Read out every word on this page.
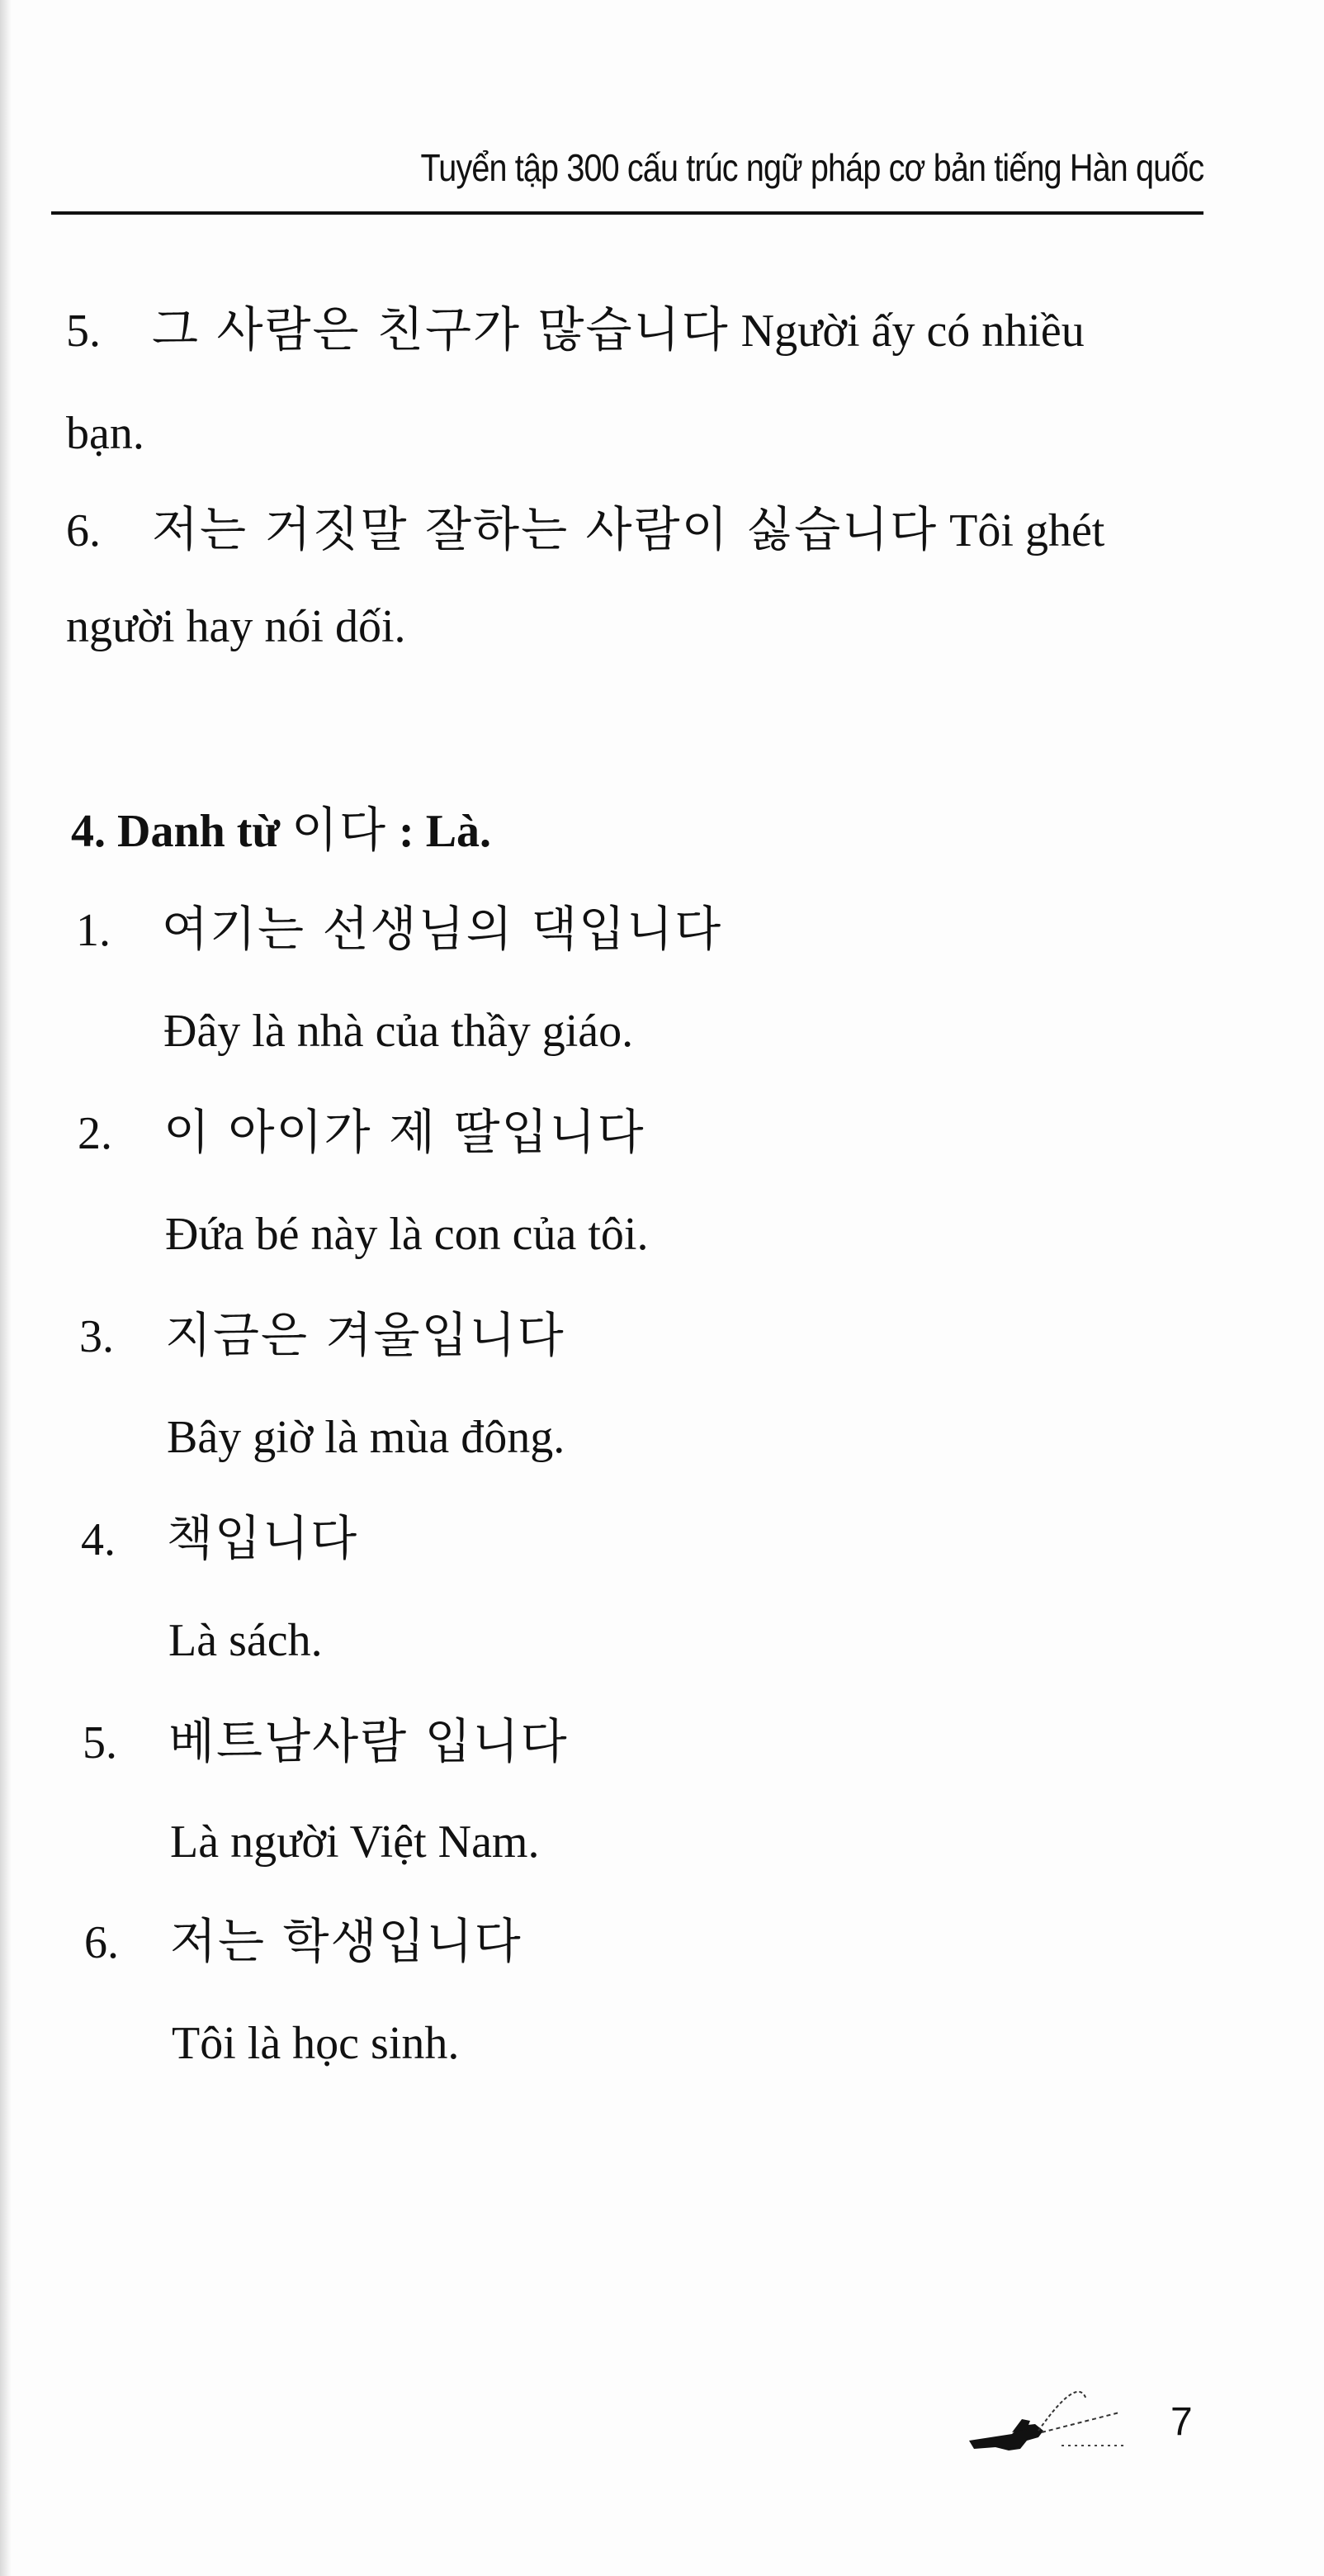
Tuyển tập 300 cấu trúc ngữ pháp cơ bản tiếng Hàn quốc
5. 그 사람은 친구가 많습니다 Người ấy có nhiều
bạn.
6. 저는 거짓말 잘하는 사람이 싫습니다 Tôi ghét
người hay nói dối.
4. Danh từ 이다 : Là.
1. 여기는 선생님의 댁입니다
Đây là nhà của thầy giáo.
2. 이 아이가 제 딸입니다
Đứa bé này là con của tôi.
3. 지금은 겨울입니다
Bây giờ là mùa đông.
4. 책입니다
Là sách.
5. 베트남사람 입니다
Là người Việt Nam.
6. 저는 학생입니다
Tôi là học sinh.
7
